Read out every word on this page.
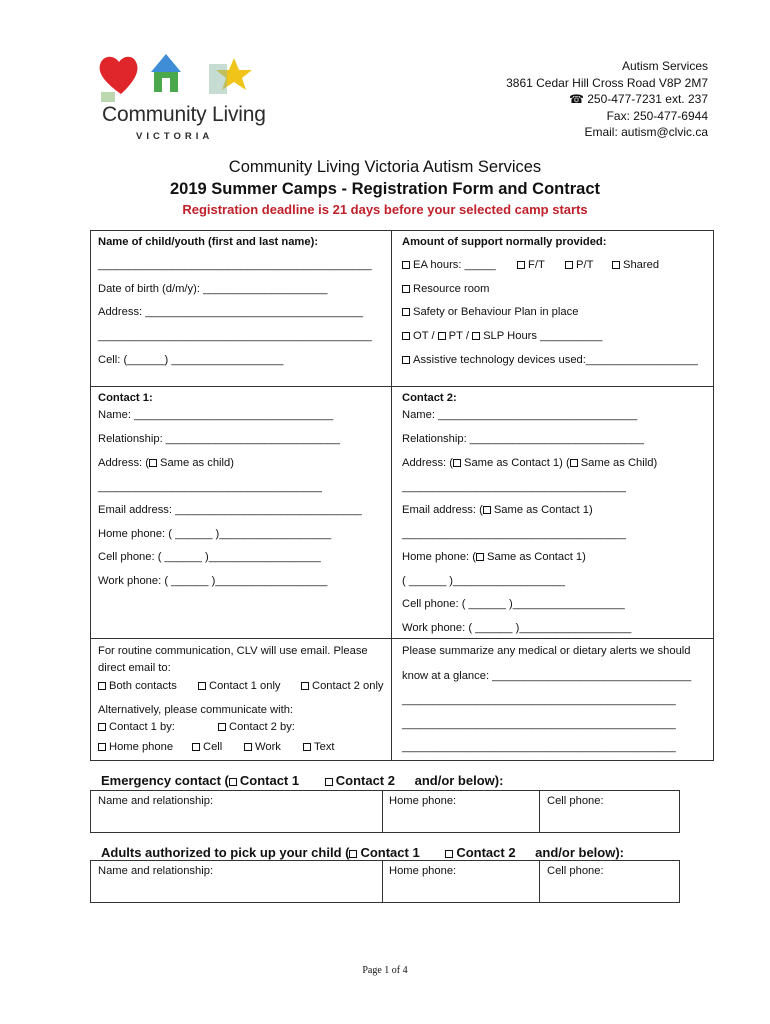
Community Living
VICTORIA
Autism Services
3861 Cedar Hill Cross Road V8P 2M7
☎ 250-477-7231 ext. 237
Fax: 250-477-6944
Email: autism@clvic.ca
Community Living Victoria Autism Services
2019 Summer Camps - Registration Form and Contract
Registration deadline is 21 days before your selected camp starts
Name of child/youth (first and last name):
____________________________________________
Date of birth (d/m/y): ____________________
Address: ___________________________________
____________________________________________
Cell: (______) __________________
Amount of support normally provided:
EA hours: _____	F/T	P/T	Shared
Resource room
Safety or Behaviour Plan in place
OT / PT / SLP Hours __________
Assistive technology devices used:__________________
Contact 1:
Name: ________________________________
Relationship: ____________________________
Address: ( Same as child)
____________________________________
Email address: ______________________________
Home phone: ( ______ )__________________
Cell phone: ( ______ )__________________
Work phone: ( ______ )__________________
Contact 2:
Name: ________________________________
Relationship: ____________________________
Address: ( Same as Contact 1) ( Same as Child)
____________________________________
Email address: ( Same as Contact 1)
____________________________________
Home phone: ( Same as Contact 1)
( ______ )__________________
Cell phone: ( ______ )__________________
Work phone: ( ______ )__________________
For routine communication, CLV will use email. Please
direct email to:
Both contacts	Contact 1 only	Contact 2 only
Alternatively, please communicate with:
Contact 1 by:	Contact 2 by:
Home phone	Cell	Work	Text
Please summarize any medical or dietary alerts we should
know at a glance: ________________________________
____________________________________________
____________________________________________
____________________________________________
Emergency contact ( Contact 1	Contact 2 and/or below):
Name and relationship:	Home phone:	Cell phone:
Adults authorized to pick up your child ( Contact 1	Contact 2 and/or below):
Name and relationship:	Home phone:	Cell phone:
Page 1 of 4
